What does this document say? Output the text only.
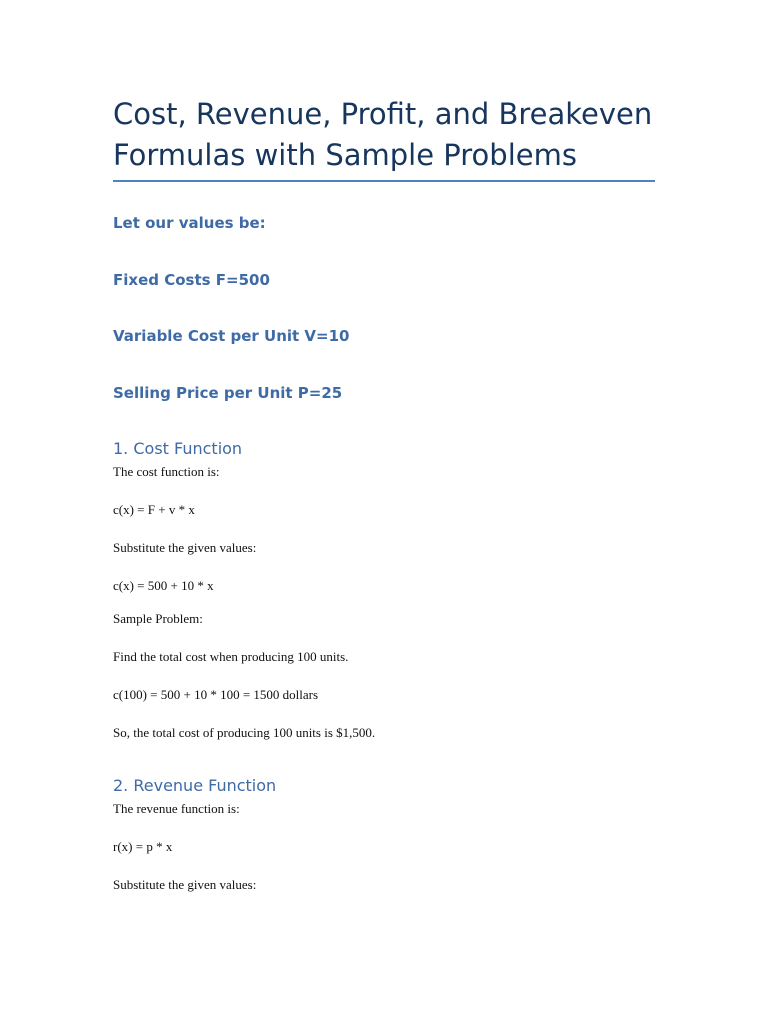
Cost, Revenue, Profit, and Breakeven
Formulas with Sample Problems

Let our values be:

Fixed Costs F=500

Variable Cost per Unit V=10

Selling Price per Unit P=25

1. Cost Function

The cost function is:

c(x) = F + v * x

Substitute the given values:

c(x) = 500 + 10 * x

Sample Problem:

Find the total cost when producing 100 units.

c(100) = 500 + 10 * 100 = 1500 dollars

So, the total cost of producing 100 units is $1,500.

2. Revenue Function

The revenue function is:

r(x) = p * x

Substitute the given values:
